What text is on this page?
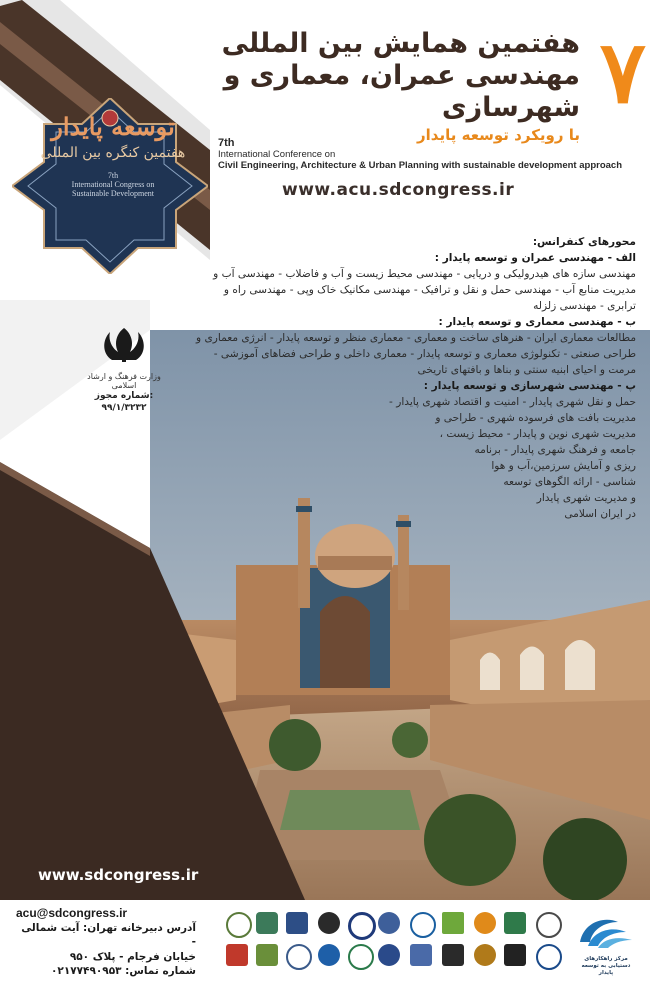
توسعه پایدار
هفتمین کنگره بین المللی
7th
International Congress on
Sustainable Development
۷
هفتمین همایش بین المللی
مهندسی عمران، معماری و شهرسازی
با رویکرد توسعه پایدار
7th
International Conference on
Civil Engineering, Architecture & Urban Planning with sustainable development approach
www.acu.sdcongress.ir

محورهای کنفرانس:

الف - مهندسی عمران و توسعه پایدار :

مهندسی سازه های هیدرولیکی و دریایی - مهندسی محیط زیست و آب و فاضلاب - مهندسی آب و مدیریت منابع آب - مهندسی حمل و نقل و ترافیک - مهندسی مکانیک خاک وپی - مهندسی راه و ترابری - مهندسی زلزله

ب - مهندسی معماری و توسعه پایدار :

مطالعات معماری ایران - هنرهای ساخت و معماری - معماری منظر و توسعه پایدار - انرژی معماری و طراحی صنعتی - تکنولوژی معماری و توسعه پایدار - معماری داخلی و طراحی فضاهای آموزشی - مرمت و احیای ابنیه سنتی و بناها و بافتهای تاریخی

پ - مهندسی شهرسازی و توسعه پایدار :

حمل و نقل شهری پایدار - امنیت و اقتصاد شهری پایدار -

مدیریت بافت های فرسوده شهری - طراحی و

مدیریت شهری نوین و پایدار - محیط زیست ،

جامعه و فرهنگ شهری پایدار - برنامه

ریزی و آمایش سرزمین،آب و هوا

شناسی - ارائه الگوهای توسعه

و مدیریت شهری پایدار

در ایران اسلامی

وزارت فرهنگ و ارشاد اسلامی
شماره مجوز:
۹۹/۱/۳۲۳۲
www.sdcongress.ir
acu@sdcongress.ir
آدرس دبیرخانه تهران: آیت شمالی -
خیابان فرجام - پلاک ۹۵۰
شماره تماس: ۰۲۱۷۷۴۹۰۹۵۳
مرکز راهکارهای دستیابی به توسعه پایدار
